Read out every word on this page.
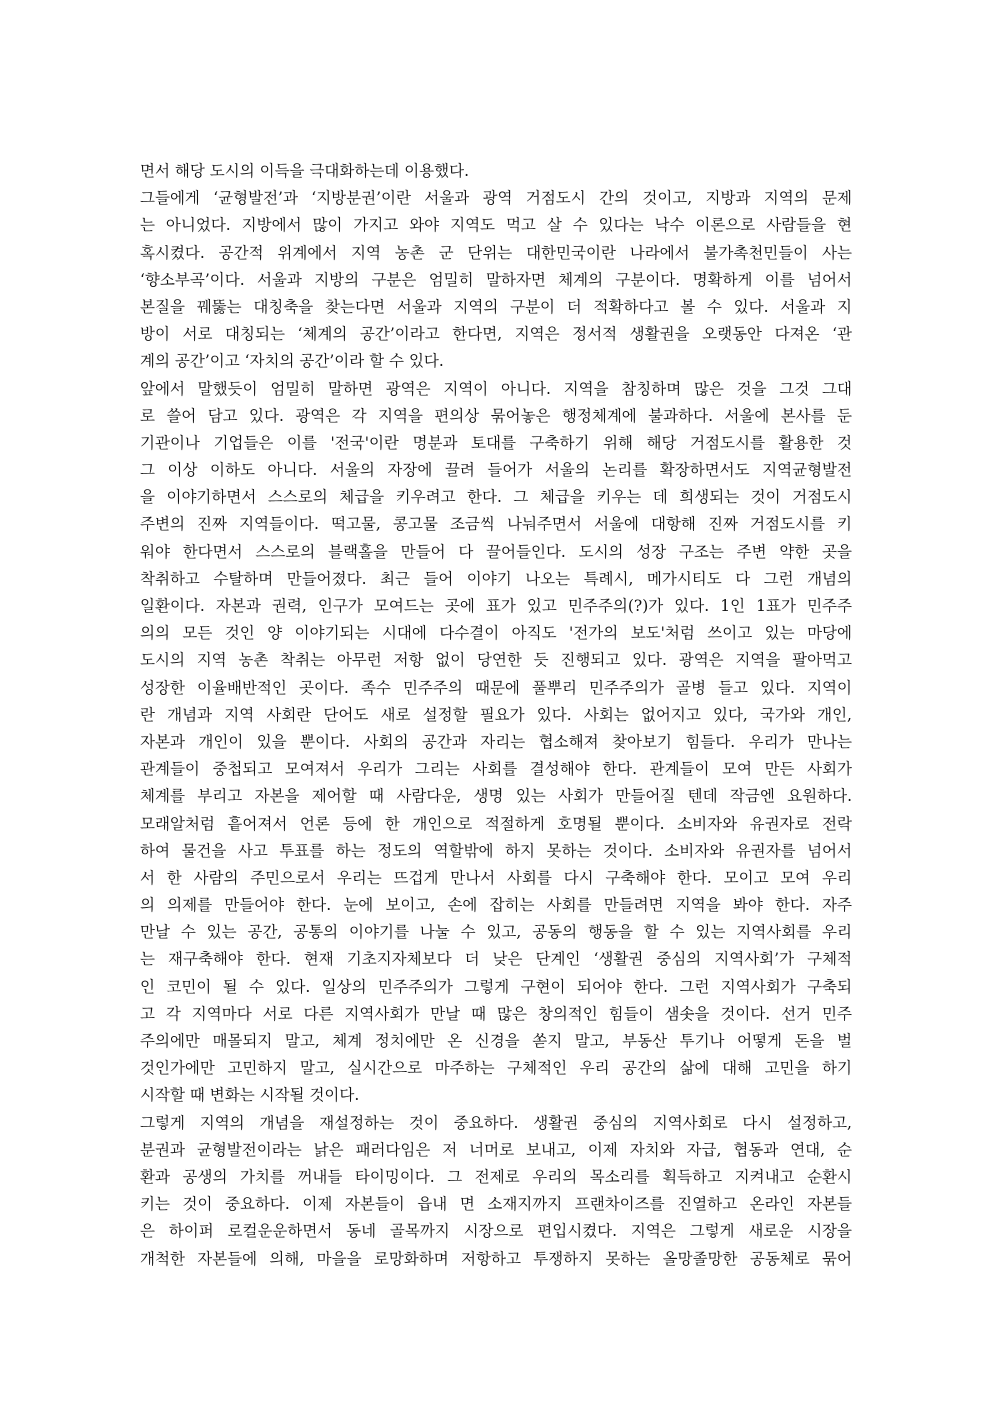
면서 해당 도시의 이득을 극대화하는데 이용했다.
그들에게 ‘균형발전’과 ‘지방분권’이란 서울과 광역 거점도시 간의 것이고, 지방과 지역의 문제
는 아니었다. 지방에서 많이 가지고 와야 지역도 먹고 살 수 있다는 낙수 이론으로 사람들을 현
혹시켰다. 공간적 위계에서 지역 농촌 군 단위는 대한민국이란 나라에서 불가촉천민들이 사는
‘향소부곡’이다. 서울과 지방의 구분은 엄밀히 말하자면 체계의 구분이다. 명확하게 이를 넘어서
본질을 꿰뚫는 대칭축을 찾는다면 서울과 지역의 구분이 더 적확하다고 볼 수 있다. 서울과 지
방이 서로 대칭되는 ‘체계의 공간’이라고 한다면, 지역은 정서적 생활권을 오랫동안 다져온 ‘관
계의 공간’이고 ‘자치의 공간’이라 할 수 있다.
앞에서 말했듯이 엄밀히 말하면 광역은 지역이 아니다. 지역을 참칭하며 많은 것을 그것 그대
로 쓸어 담고 있다. 광역은 각 지역을 편의상 묶어놓은 행정체계에 불과하다. 서울에 본사를 둔
기관이나 기업들은 이를 '전국'이란 명분과 토대를 구축하기 위해 해당 거점도시를 활용한 것
그 이상 이하도 아니다. 서울의 자장에 끌려 들어가 서울의 논리를 확장하면서도 지역균형발전
을 이야기하면서 스스로의 체급을 키우려고 한다. 그 체급을 키우는 데 희생되는 것이 거점도시
주변의 진짜 지역들이다. 떡고물, 콩고물 조금씩 나눠주면서 서울에 대항해 진짜 거점도시를 키
워야 한다면서 스스로의 블랙홀을 만들어 다 끌어들인다. 도시의 성장 구조는 주변 약한 곳을
착취하고 수탈하며 만들어졌다. 최근 들어 이야기 나오는 특례시, 메가시티도 다 그런 개념의
일환이다. 자본과 권력, 인구가 모여드는 곳에 표가 있고 민주주의(?)가 있다. 1인 1표가 민주주
의의 모든 것인 양 이야기되는 시대에 다수결이 아직도 '전가의 보도'처럼 쓰이고 있는 마당에
도시의 지역 농촌 착취는 아무런 저항 없이 당연한 듯 진행되고 있다. 광역은 지역을 팔아먹고
성장한 이율배반적인 곳이다. 족수 민주주의 때문에 풀뿌리 민주주의가 골병 들고 있다. 지역이
란 개념과 지역 사회란 단어도 새로 설정할 필요가 있다. 사회는 없어지고 있다, 국가와 개인,
자본과 개인이 있을 뿐이다. 사회의 공간과 자리는 협소해져 찾아보기 힘들다. 우리가 만나는
관계들이 중첩되고 모여져서 우리가 그리는 사회를 결성해야 한다. 관계들이 모여 만든 사회가
체계를 부리고 자본을 제어할 때 사람다운, 생명 있는 사회가 만들어질 텐데 작금엔 요원하다.
모래알처럼 흩어져서 언론 등에 한 개인으로 적절하게 호명될 뿐이다. 소비자와 유권자로 전락
하여 물건을 사고 투표를 하는 정도의 역할밖에 하지 못하는 것이다. 소비자와 유권자를 넘어서
서 한 사람의 주민으로서 우리는 뜨겁게 만나서 사회를 다시 구축해야 한다. 모이고 모여 우리
의 의제를 만들어야 한다. 눈에 보이고, 손에 잡히는 사회를 만들려면 지역을 봐야 한다. 자주
만날 수 있는 공간, 공통의 이야기를 나눌 수 있고, 공동의 행동을 할 수 있는 지역사회를 우리
는 재구축해야 한다. 현재 기초지자체보다 더 낮은 단계인 ‘생활권 중심의 지역사회’가 구체적
인 코민이 될 수 있다. 일상의 민주주의가 그렇게 구현이 되어야 한다. 그런 지역사회가 구축되
고 각 지역마다 서로 다른 지역사회가 만날 때 많은 창의적인 힘들이 샘솟을 것이다. 선거 민주
주의에만 매몰되지 말고, 체계 정치에만 온 신경을 쏟지 말고, 부동산 투기나 어떻게 돈을 벌
것인가에만 고민하지 말고, 실시간으로 마주하는 구체적인 우리 공간의 삶에 대해 고민을 하기
시작할 때 변화는 시작될 것이다.
그렇게 지역의 개념을 재설정하는 것이 중요하다. 생활권 중심의 지역사회로 다시 설정하고,
분권과 균형발전이라는 낡은 패러다임은 저 너머로 보내고, 이제 자치와 자급, 협동과 연대, 순
환과 공생의 가치를 꺼내들 타이밍이다. 그 전제로 우리의 목소리를 획득하고 지켜내고 순환시
키는 것이 중요하다. 이제 자본들이 읍내 면 소재지까지 프랜차이즈를 진열하고 온라인 자본들
은 하이퍼 로컬운운하면서 동네 골목까지 시장으로 편입시켰다. 지역은 그렇게 새로운 시장을
개척한 자본들에 의해, 마을을 로망화하며 저항하고 투쟁하지 못하는 올망졸망한 공동체로 묶어
